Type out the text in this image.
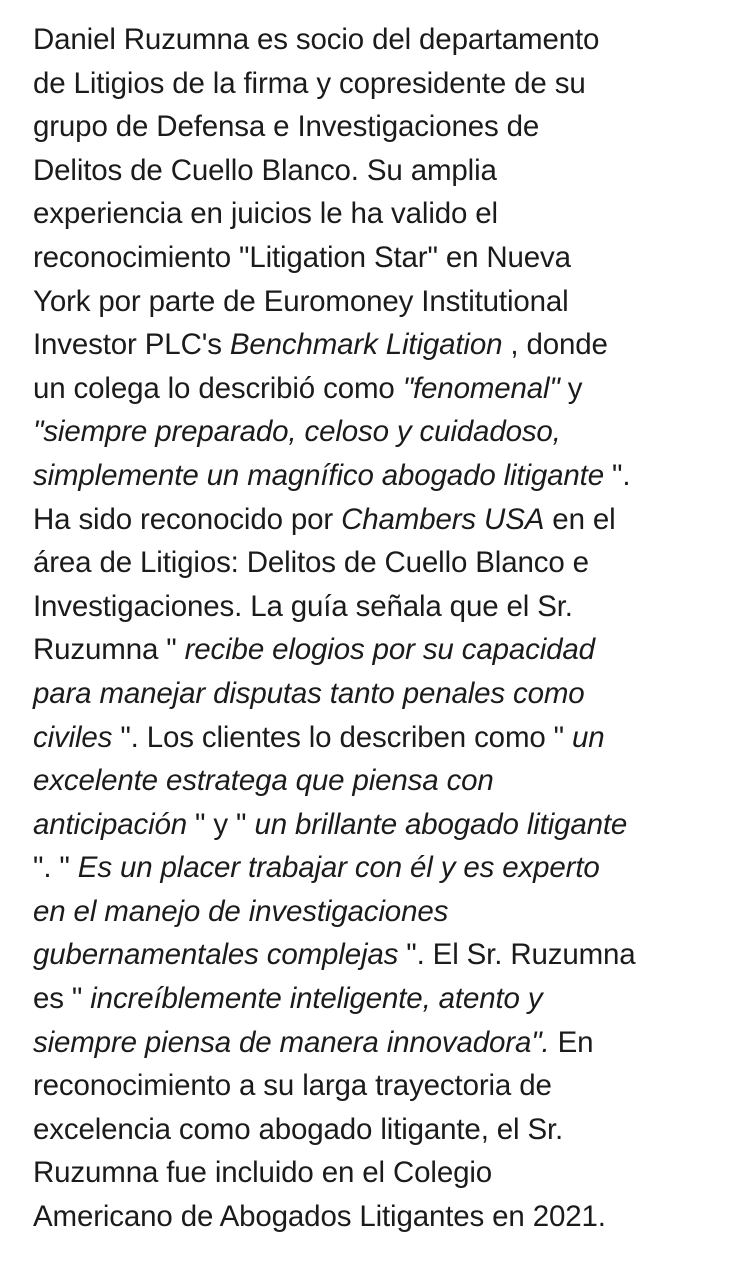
Daniel Ruzumna es socio del departamento
de Litigios de la firma y copresidente de su
grupo de Defensa e Investigaciones de
Delitos de Cuello Blanco. Su amplia
experiencia en juicios le ha valido el
reconocimiento "Litigation Star" en Nueva
York por parte de Euromoney Institutional
Investor PLC's Benchmark Litigation , donde
un colega lo describió como "fenomenal" y
"siempre preparado, celoso y cuidadoso,
simplemente un magnífico abogado litigante ".
Ha sido reconocido por Chambers USA en el
área de Litigios: Delitos de Cuello Blanco e
Investigaciones. La guía señala que el Sr.
Ruzumna " recibe elogios por su capacidad
para manejar disputas tanto penales como
civiles ". Los clientes lo describen como " un
excelente estratega que piensa con
anticipación " y " un brillante abogado litigante
". " Es un placer trabajar con él y es experto
en el manejo de investigaciones
gubernamentales complejas ". El Sr. Ruzumna
es " increíblemente inteligente, atento y
siempre piensa de manera innovadora". En
reconocimiento a su larga trayectoria de
excelencia como abogado litigante, el Sr.
Ruzumna fue incluido en el Colegio
Americano de Abogados Litigantes en 2021.
